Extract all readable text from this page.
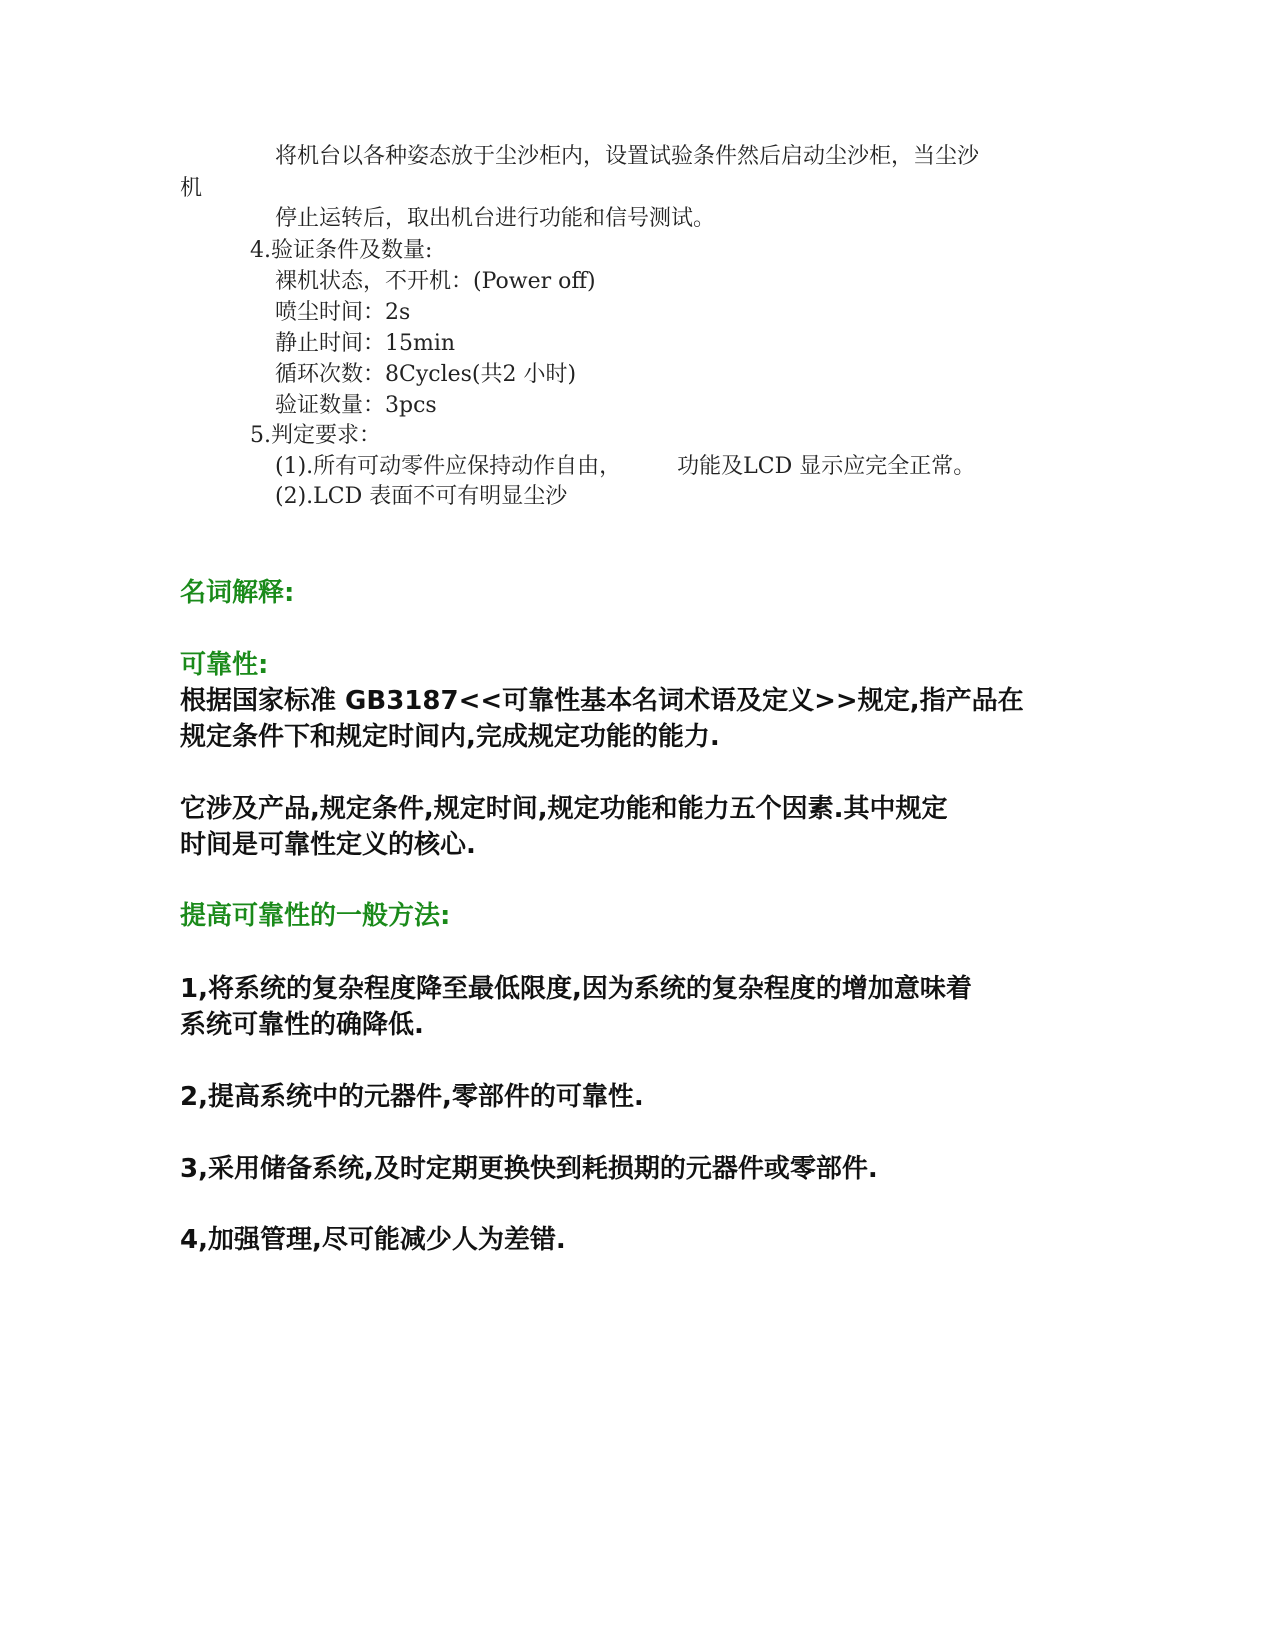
将机台以各种姿态放于尘沙柜内，设置试验条件然后启动尘沙柜，当尘沙
机
停止运转后，取出机台进行功能和信号测试。
4.验证条件及数量:
裸机状态，不开机：(Power off)
喷尘时间：2s
静止时间：15min
循环次数：8Cycles(共2 小时)
验证数量：3pcs
5.判定要求：
(1).所有可动零件应保持动作自由，	功能及LCD 显示应完全正常。
(2).LCD 表面不可有明显尘沙
名词解释:
可靠性:
根据国家标准 GB3187<<可靠性基本名词术语及定义>>规定,指产品在
规定条件下和规定时间内,完成规定功能的能力.
它涉及产品,规定条件,规定时间,规定功能和能力五个因素.其中规定
时间是可靠性定义的核心.
提高可靠性的一般方法:
1,将系统的复杂程度降至最低限度,因为系统的复杂程度的增加意味着
系统可靠性的确降低.
2,提高系统中的元器件,零部件的可靠性.
3,采用储备系统,及时定期更换快到耗损期的元器件或零部件.
4,加强管理,尽可能减少人为差错.
